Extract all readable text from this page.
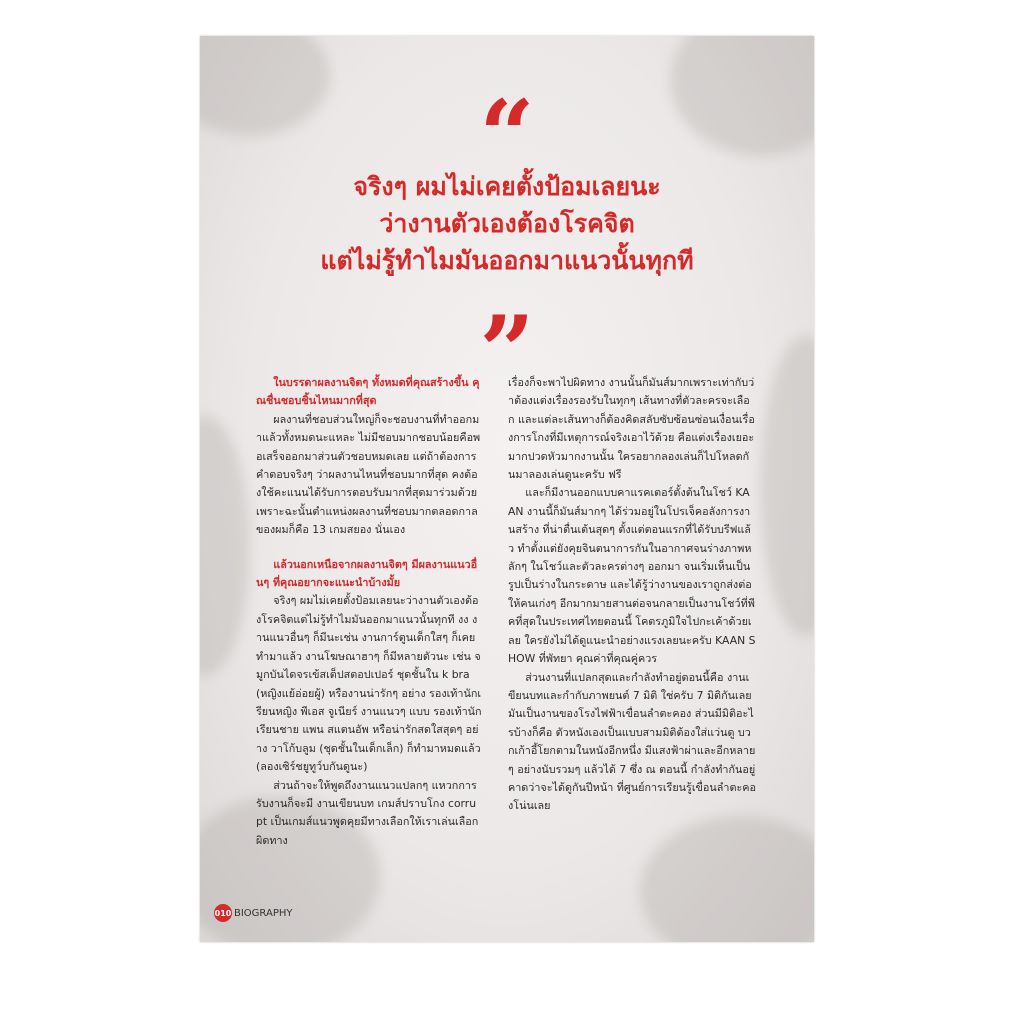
“
จริงๆ ผมไม่เคยตั้งป้อมเลยนะ
ว่างานตัวเองต้องโรคจิต
แต่ไม่รู้ทำไมมันออกมาแนวนั้นทุกที
”

ในบรรดาผลงานจิตๆ ทั้งหมดที่คุณสร้างขึ้น คุณชื่นชอบชิ้นไหนมากที่สุด

ผลงานที่ชอบส่วนใหญ่ก็จะชอบงานที่ทำออกมาแล้วทั้งหมดนะแหละ ไม่มีชอบมากชอบน้อยคือพอเสร็จออกมาส่วนตัวชอบหมดเลย แต่ถ้าต้องการคำตอบจริงๆ ว่าผลงานไหนที่ชอบมากที่สุด คงต้องใช้คะแนนได้รับการตอบรับมากที่สุดมาร่วมด้วย เพราะฉะนั้นตำแหน่งผลงานที่ชอบมากตลอดกาลของผมก็คือ 13 เกมสยอง นั่นเอง

แล้วนอกเหนือจากผลงานจิตๆ มีผลงานแนวอื่นๆ ที่คุณอยากจะแนะนำบ้างมั้ย

จริงๆ ผมไม่เคยตั้งป้อมเลยนะว่างานตัวเองต้องโรคจิตแต่ไม่รู้ทำไมมันออกมาแนวนั้นทุกที งง งานแนวอื่นๆ ก็มีนะเช่น งานการ์ตูนเด็กใสๆ ก็เคยทำมาแล้ว งานโฆษณาฮาๆ ก็มีหลายตัวนะ เช่น จมูกบันไดจรเข้สเต็ปสตอปเปอร์ ชุดชั้นใน k bra (หญิงแย้อ่อยผู้) หรืองานน่ารักๆ อย่าง รองเท้านักเรียนหญิง พีเอส จูเนียร์ งานแนวๆ แบบ รองเท้านักเรียนชาย แพน สแตนอัพ หรือน่ารักสดใสสุดๆ อย่าง วาโก้บลูม (ชุดชั้นในเด็กเล็ก) ก็ทำมาหมดแล้ว (ลองเซิร์ชยูทูว์บกันดูนะ)

ส่วนถ้าจะให้พูดถึงงานแนวแปลกๆ แหวกการรับงานก็จะมี งานเขียนบท เกมส์ปราบโกง corrupt เป็นเกมส์แนวพูดคุยมีทางเลือกให้เราเล่นเลือกผิดทาง

เรื่องก็จะพาไปผิดทาง งานนั้นก็มันส์มากเพราะเท่ากับว่าต้องแต่งเรื่องรองรับในทุกๆ เส้นทางที่ตัวละครจะเลือก และแต่ละเส้นทางก็ต้องคิดสลับซับซ้อนซ่อนเงื่อนเรื่องการโกงที่มีเหตุการณ์จริงเอาไว้ด้วย คือแต่งเรื่องเยอะมากปวดหัวมากงานนั้น ใครอยากลองเล่นก็ไปโหลดกันมาลองเล่นดูนะครับ ฟรี

และก็มีงานออกแบบคาแรคเตอร์ตั้งต้นในโชว์ KAAN งานนี้ก็มันส์มากๆ ได้ร่วมอยู่ในโปรเจ็คอลังการงานสร้าง ที่น่าตื่นเต้นสุดๆ ตั้งแต่ตอนแรกที่ได้รับบรีฟแล้ว ทำตั้งแต่ยังคุยจินตนาการกันในอากาศจนร่างภาพหลักๆ ในโชว์และตัวละครต่างๆ ออกมา จนเริ่มเห็นเป็นรูปเป็นร่างในกระดาษ และได้รู้ว่างานของเราถูกส่งต่อให้คนเก่งๆ อีกมากมายสานต่อจนกลายเป็นงานโชว์ที่พีคที่สุดในประเทศไทยตอนนี้ โคตรภูมิใจไปกะเค้าด้วยเลย ใครยังไม่ได้ดูแนะนำอย่างแรงเลยนะครับ KAAN SHOW ที่พัทยา คุณค่าที่คุณคู่ควร

ส่วนงานที่แปลกสุดและกำลังทำอยู่ตอนนี้คือ งานเขียนบทและกำกับภาพยนต์ 7 มิติ ใช่ครับ 7 มิติกันเลย มันเป็นงานของโรงไฟฟ้าเขื่อนลำตะคอง ส่วนมีมิติอะไรบ้างก็คือ ตัวหนังเองเป็นแบบสามมิติต้องใส่แว่นดู บวกเก้าอี้โยกตามในหนังอีกหนึ่ง มีแสงฟ้าผ่าและอีกหลายๆ อย่างนับรวมๆ แล้วได้ 7 ซึ่ง ณ ตอนนี้ กำลังทำกันอยู่คาดว่าจะได้ดูกันปีหน้า ที่ศูนย์การเรียนรู้เขื่อนลำตะคองโน่นเลย

010 BIOGRAPHY
